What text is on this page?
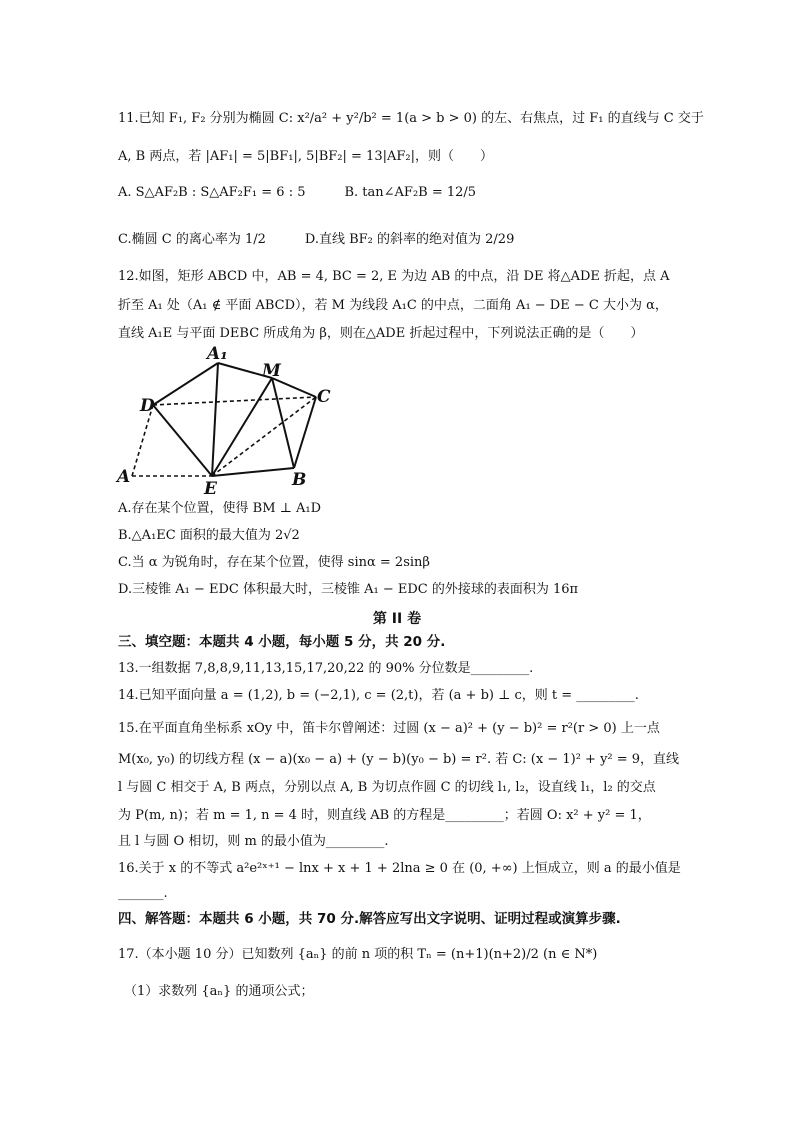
11.已知 F₁, F₂ 分别为椭圆 C: x²/a² + y²/b² = 1(a > b > 0) 的左、右焦点，过 F₁ 的直线与 C 交于
A, B 两点，若 |AF₁| = 5|BF₁|, 5|BF₂| = 13|AF₂|，则（　　）
A. S△AF₂B : S△AF₂F₁ = 6 : 5　　　B. tan∠AF₂B = 12/5
C.椭圆 C 的离心率为 1/2　　　D.直线 BF₂ 的斜率的绝对值为 2/29
12.如图，矩形 ABCD 中，AB = 4, BC = 2, E 为边 AB 的中点，沿 DE 将△ADE 折起，点 A
折至 A₁ 处（A₁ ∉ 平面 ABCD），若 M 为线段 A₁C 的中点，二面角 A₁ − DE − C 大小为 α，
直线 A₁E 与平面 DEBC 所成角为 β，则在△ADE 折起过程中，下列说法正确的是（　　）
A₁
M
D	C
A
E	B
A.存在某个位置，使得 BM ⊥ A₁D
B.△A₁EC 面积的最大值为 2√2
C.当 α 为锐角时，存在某个位置，使得 sinα = 2sinβ
D.三棱锥 A₁ − EDC 体积最大时，三棱锥 A₁ − EDC 的外接球的表面积为 16π
第 II 卷
三、填空题：本题共 4 小题，每小题 5 分，共 20 分.
13.一组数据 7,8,8,9,11,13,15,17,20,22 的 90% 分位数是_________.
14.已知平面向量 a = (1,2), b = (−2,1), c = (2,t)，若 (a + b) ⊥ c，则 t = _________.
15.在平面直角坐标系 xOy 中，笛卡尔曾阐述：过圆 (x − a)² + (y − b)² = r²(r > 0) 上一点
M(x₀, y₀) 的切线方程 (x − a)(x₀ − a) + (y − b)(y₀ − b) = r². 若 C: (x − 1)² + y² = 9，直线
l 与圆 C 相交于 A, B 两点，分别以点 A, B 为切点作圆 C 的切线 l₁, l₂，设直线 l₁，l₂ 的交点
为 P(m, n)；若 m = 1, n = 4 时，则直线 AB 的方程是_________；若圆 O: x² + y² = 1，
且 l 与圆 O 相切，则 m 的最小值为_________.
16.关于 x 的不等式 a²e²ˣ⁺¹ − lnx + x + 1 + 2lna ≥ 0 在 (0, +∞) 上恒成立，则 a 的最小值是
_______.
四、解答题：本题共 6 小题，共 70 分.解答应写出文字说明、证明过程或演算步骤.
17.（本小题 10 分）已知数列 {aₙ} 的前 n 项的积 Tₙ = (n+1)(n+2)/2 (n ∈ N*)
（1）求数列 {aₙ} 的通项公式；
